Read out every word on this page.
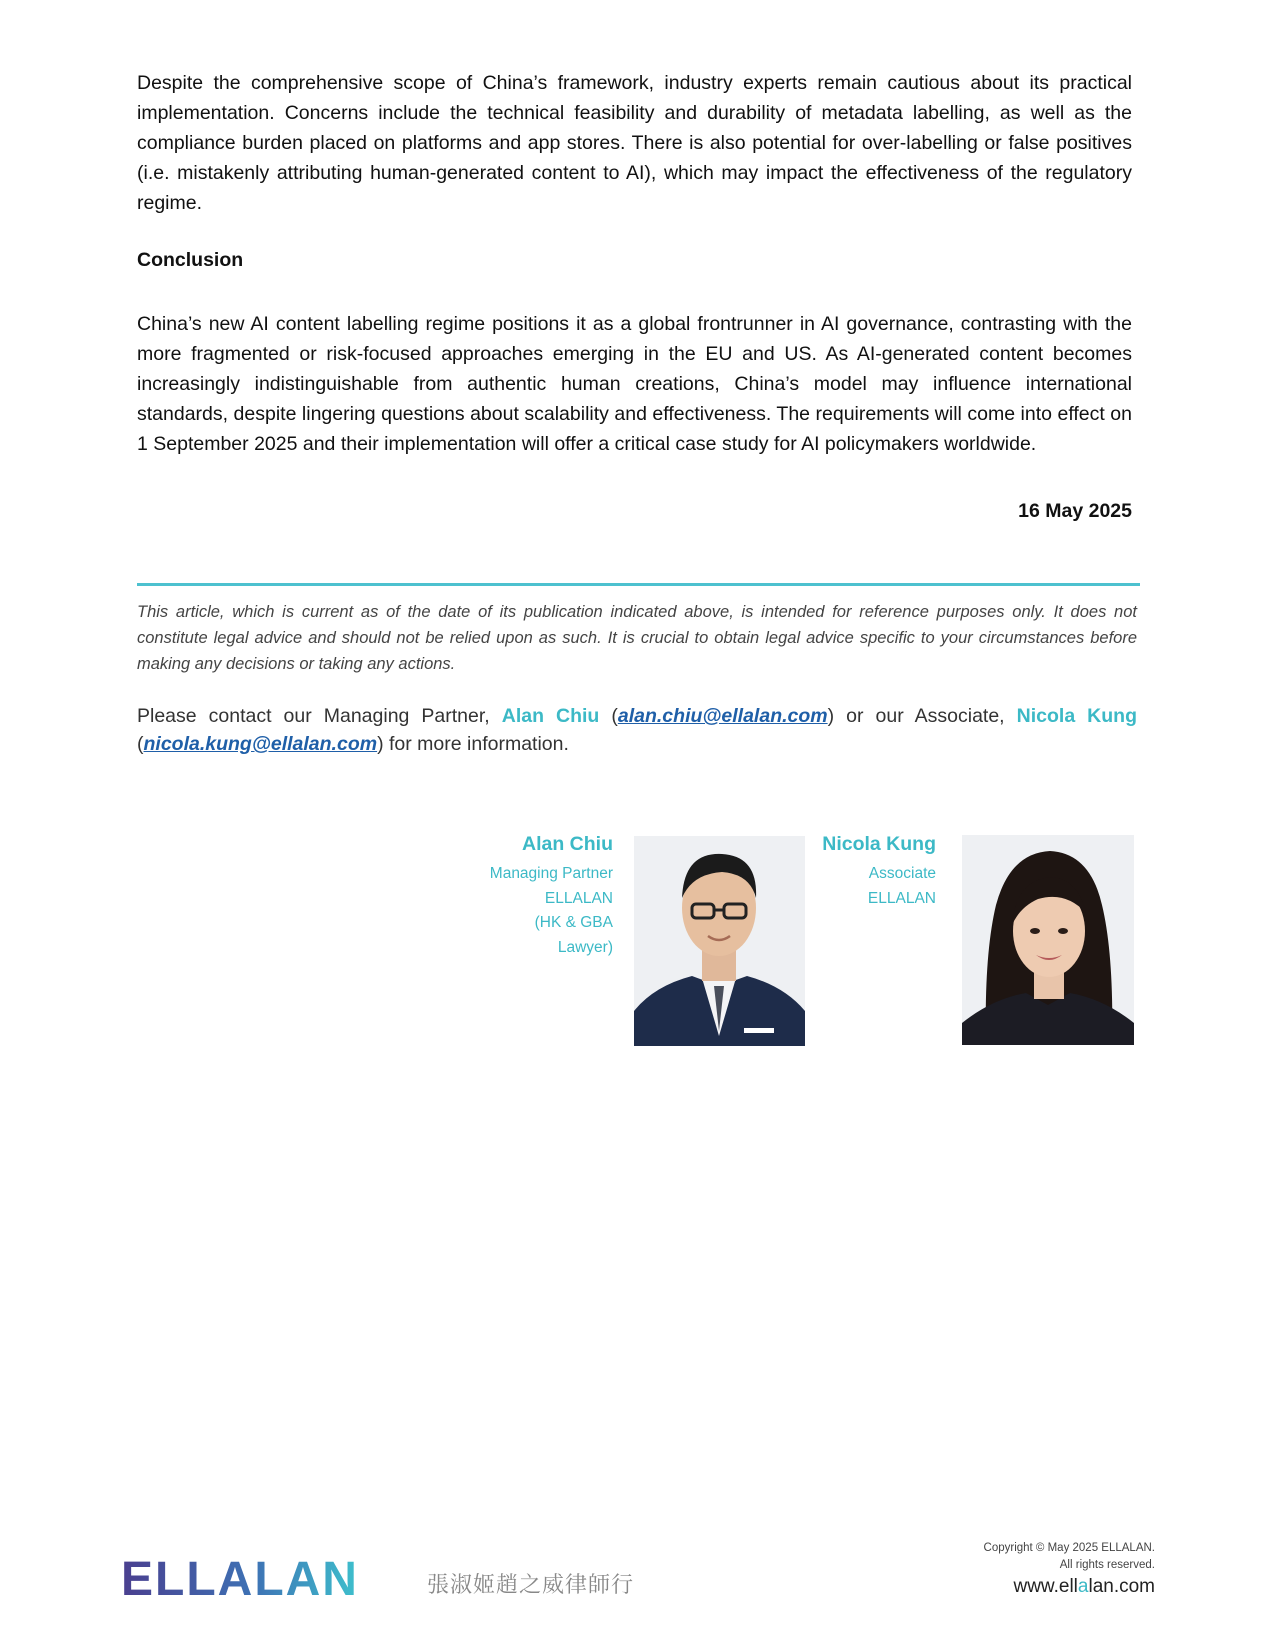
Despite the comprehensive scope of China’s framework, industry experts remain cautious about its practical implementation. Concerns include the technical feasibility and durability of metadata labelling, as well as the compliance burden placed on platforms and app stores. There is also potential for over-labelling or false positives (i.e. mistakenly attributing human-generated content to AI), which may impact the effectiveness of the regulatory regime.

Conclusion

China’s new AI content labelling regime positions it as a global frontrunner in AI governance, contrasting with the more fragmented or risk-focused approaches emerging in the EU and US. As AI-generated content becomes increasingly indistinguishable from authentic human creations, China’s model may influence international standards, despite lingering questions about scalability and effectiveness. The requirements will come into effect on 1 September 2025 and their implementation will offer a critical case study for AI policymakers worldwide.

16 May 2025

This article, which is current as of the date of its publication indicated above, is intended for reference purposes only. It does not constitute legal advice and should not be relied upon as such. It is crucial to obtain legal advice specific to your circumstances before making any decisions or taking any actions.

Please contact our Managing Partner, Alan Chiu (alan.chiu@ellalan.com) or our Associate, Nicola Kung (nicola.kung@ellalan.com) for more information.

Alan Chiu
Managing Partner
ELLALAN
(HK & GBA
Lawyer)
Nicola Kung
Associate
ELLALAN
ELLALAN	張淑姬趙之威律師行
Copyright © May 2025 ELLALAN.
All rights reserved.
www.ellalan.com
